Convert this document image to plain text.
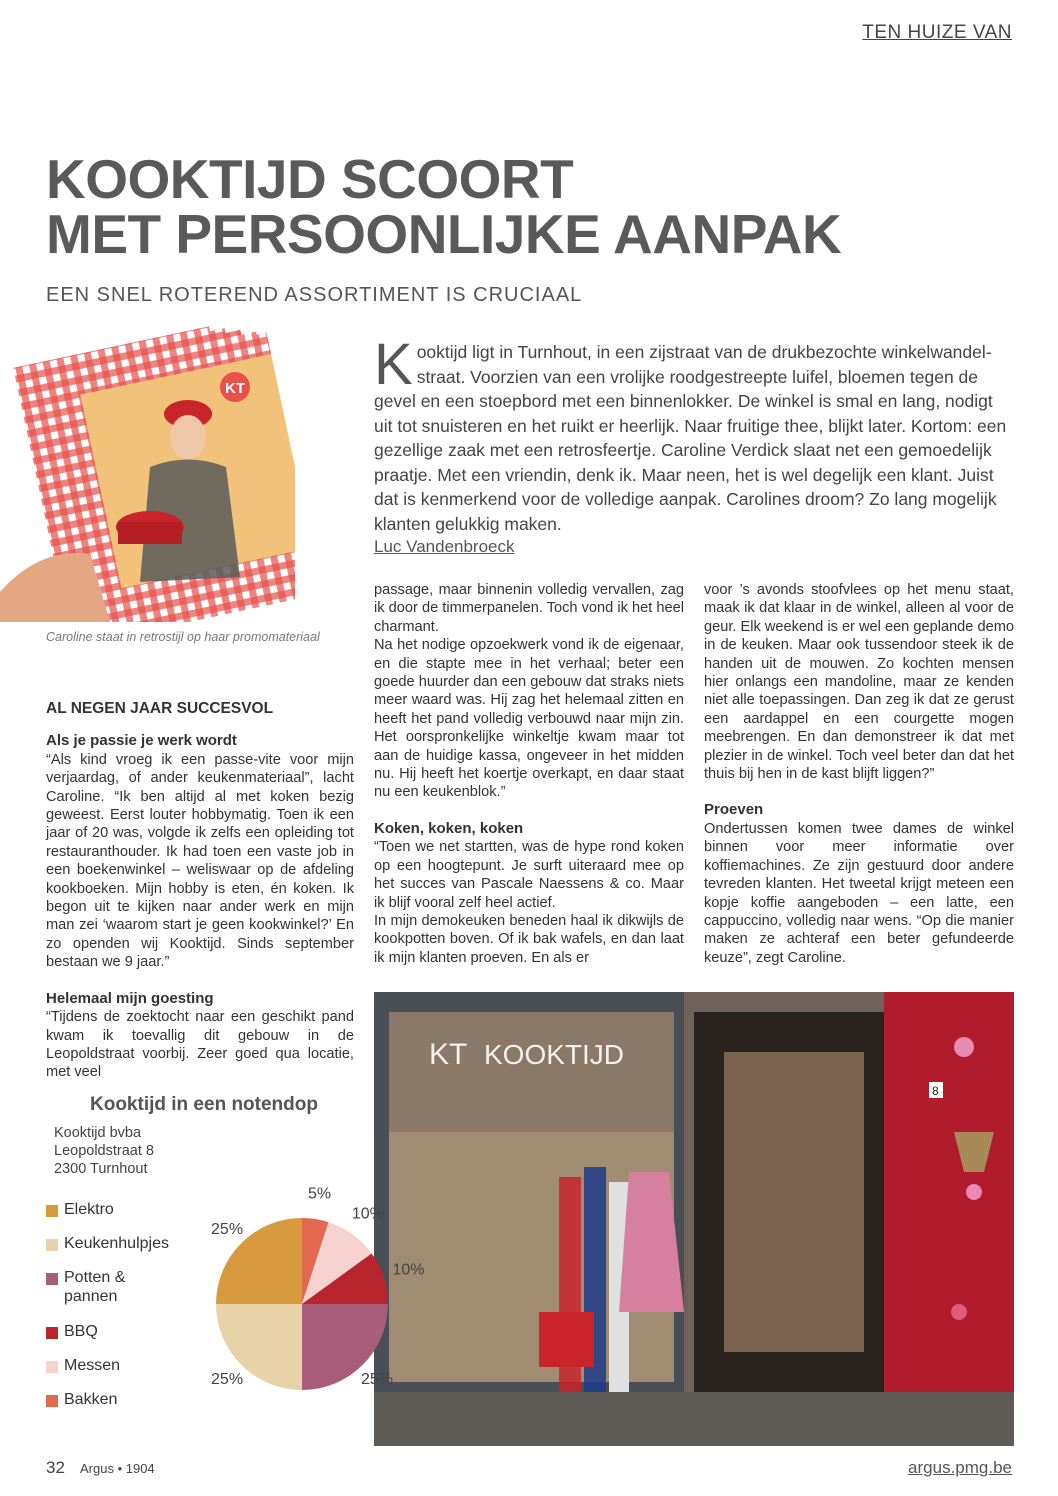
TEN HUIZE VAN
KOOKTIJD SCOORT
MET PERSOONLIJKE AANPAK
EEN SNEL ROTEREND ASSORTIMENT IS CRUCIAAL
KT
Caroline staat in retrostijl op haar promomateriaal
Kooktijd ligt in Turnhout, in een zijstraat van de drukbezochte winkelwandel-straat. Voorzien van een vrolijke roodgestreepte luifel, bloemen tegen de gevel en een stoepbord met een binnenlokker. De winkel is smal en lang, nodigt uit tot snuisteren en het ruikt er heerlijk. Naar fruitige thee, blijkt later. Kortom: een gezellige zaak met een retrosfeertje. Caroline Verdick slaat net een gemoedelijk praatje. Met een vriendin, denk ik. Maar neen, het is wel degelijk een klant. Juist dat is kenmerkend voor de volledige aanpak. Carolines droom? Zo lang mogelijk klanten gelukkig maken.
Luc Vandenbroeck
AL NEGEN JAAR SUCCESVOL
Als je passie je werk wordt

“Als kind vroeg ik een passe-vite voor mijn verjaardag, of ander keukenmateriaal”, lacht Caroline. “Ik ben altijd al met koken bezig geweest. Eerst louter hobbymatig. Toen ik een jaar of 20 was, volgde ik zelfs een opleiding tot restauranthouder. Ik had toen een vaste job in een boekenwinkel – weliswaar op de afdeling kookboeken. Mijn hobby is eten, én koken. Ik begon uit te kijken naar ander werk en mijn man zei ‘waarom start je geen kookwinkel?’ En zo openden wij Kooktijd. Sinds september bestaan we 9 jaar.”

Helemaal mijn goesting

“Tijdens de zoektocht naar een geschikt pand kwam ik toevallig dit gebouw in de Leopoldstraat voorbij. Zeer goed qua locatie, met veel

passage, maar binnenin volledig vervallen, zag ik door de timmerpanelen. Toch vond ik het heel charmant.

Na het nodige opzoekwerk vond ik de eigenaar, en die stapte mee in het verhaal; beter een goede huurder dan een gebouw dat straks niets meer waard was. Hij zag het helemaal zitten en heeft het pand volledig verbouwd naar mijn zin. Het oorspronkelijke winkeltje kwam maar tot aan de huidige kassa, ongeveer in het midden nu. Hij heeft het koertje overkapt, en daar staat nu een keukenblok.”

Koken, koken, koken

“Toen we net startten, was de hype rond koken op een hoogtepunt. Je surft uiteraard mee op het succes van Pascale Naessens & co. Maar ik blijf vooral zelf heel actief.

In mijn demokeuken beneden haal ik dikwijls de kookpotten boven. Of ik bak wafels, en dan laat ik mijn klanten proeven. En als er

voor ’s avonds stoofvlees op het menu staat, maak ik dat klaar in de winkel, alleen al voor de geur. Elk weekend is er wel een geplande demo in de keuken. Maar ook tussendoor steek ik de handen uit de mouwen. Zo kochten mensen hier onlangs een mandoline, maar ze kenden niet alle toepassingen. Dan zeg ik dat ze gerust een aardappel en een courgette mogen meebrengen. En dan demonstreer ik dat met plezier in de winkel. Toch veel beter dan dat het thuis bij hen in de kast blijft liggen?”

Proeven

Ondertussen komen twee dames de winkel binnen voor meer informatie over koffiemachines. Ze zijn gestuurd door andere tevreden klanten. Het tweetal krijgt meteen een kopje koffie aangeboden – een latte, een cappuccino, volledig naar wens. “Op die manier maken ze achteraf een beter gefundeerde keuze”, zegt Caroline.

KT KOOKTIJD
8
Kooktijd in een notendop
Kooktijd bvba
Leopoldstraat 8
2300 Turnhout
Elektro
Keukenhulpjes
Potten &
pannen
BBQ
Messen
Bakken
5%
10%
10%
25%
25%
25%
32 Argus • 1904	argus.pmg.be
